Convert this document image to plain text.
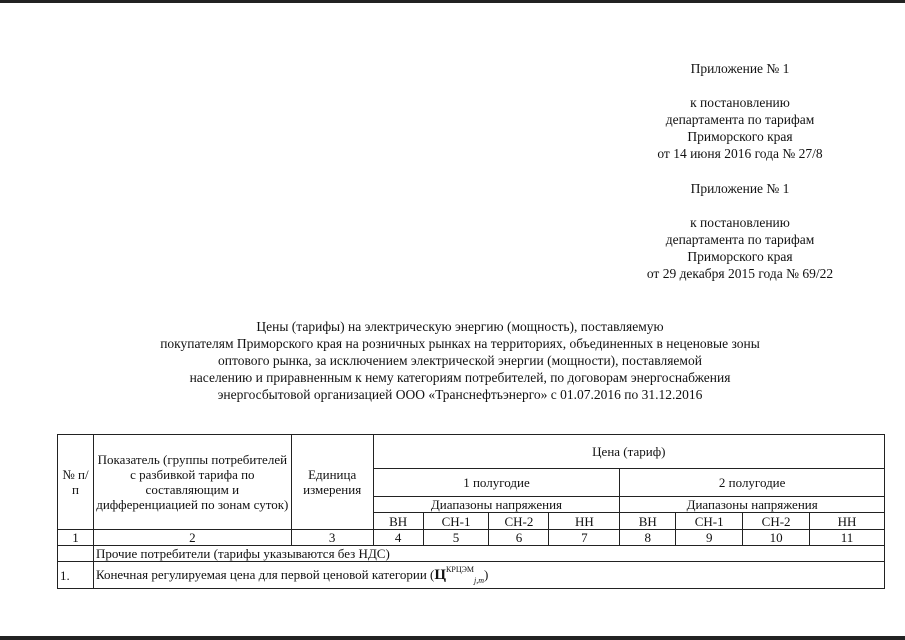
Приложение № 1
к постановлению
департамента по тарифам
Приморского края
от 14 июня 2016 года № 27/8
Приложение № 1
к постановлению
департамента по тарифам
Приморского края
от 29 декабря 2015 года № 69/22
Цены (тарифы) на электрическую энергию (мощность), поставляемую
покупателям Приморского края на розничных рынках на территориях, объединенных в неценовые зоны
оптового рынка, за исключением электрической энергии (мощности), поставляемой
населению и приравненным к нему категориям потребителей, по договорам энергоснабжения
энергосбытовой организацией ООО «Транснефтьэнерго» с 01.07.2016 по 31.12.2016
№ п/п	Показатель (группы потребителей с разбивкой тарифа по составляющим и дифференциацией по зонам суток)	Единица измерения	Цена (тариф)							
			1 полугодие				2 полугодие			
			Диапазоны напряжения				Диапазоны напряжения			
			ВН	СН-1	СН-2	НН	ВН	СН-1	СН-2	НН
1	2	3	4	5	6	7	8	9	10	11
	Прочие потребители (тарифы указываются без НДС)									
1.	Конечная регулируемая цена для первой ценовой категории $(Ц^{КРЦЭМ}_{j,m})$									
